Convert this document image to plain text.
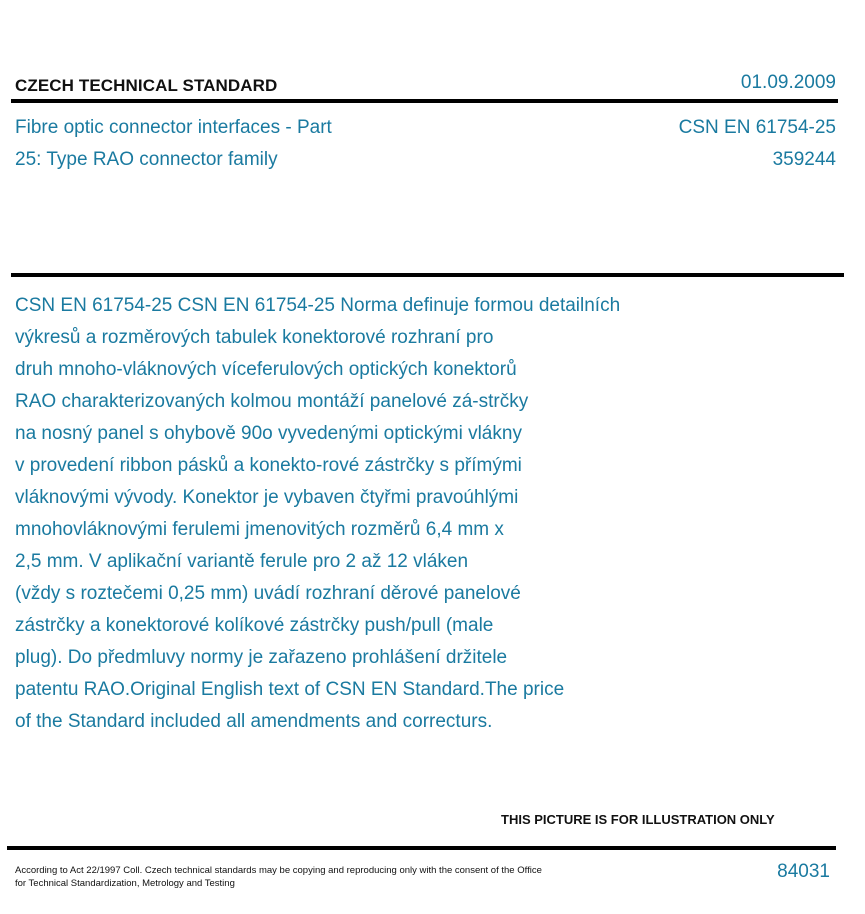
CZECH TECHNICAL STANDARD	01.09.2009
Fibre optic connector interfaces - Part
25: Type RAO connector family
CSN EN 61754-25
359244
CSN EN 61754-25 CSN EN 61754-25 Norma definuje formou detailních
výkresů a rozměrových tabulek konektorové rozhraní pro
druh mnoho-vláknových víceferulových optických konektorů
RAO charakterizovaných kolmou montáží panelové zá-strčky
na nosný panel s ohybově 90o vyvedenými optickými vlákny
v provedení ribbon pásků a konekto-rové zástrčky s přímými
vláknovými vývody. Konektor je vybaven čtyřmi pravoúhlými
mnohovláknovými ferulemi jmenovitých rozměrů 6,4 mm x
2,5 mm. V aplikační variantě ferule pro 2 až 12 vláken
(vždy s roztečemi 0,25 mm) uvádí rozhraní děrové panelové
zástrčky a konektorové kolíkové zástrčky push/pull (male
plug). Do předmluvy normy je zařazeno prohlášení držitele
patentu RAO.Original English text of CSN EN Standard.The price
of the Standard included all amendments and correcturs.
THIS PICTURE IS FOR ILLUSTRATION ONLY
According to Act 22/1997 Coll. Czech technical standards may be copying and reproducing only with the consent of the Office
for Technical Standardization, Metrology and Testing
84031
